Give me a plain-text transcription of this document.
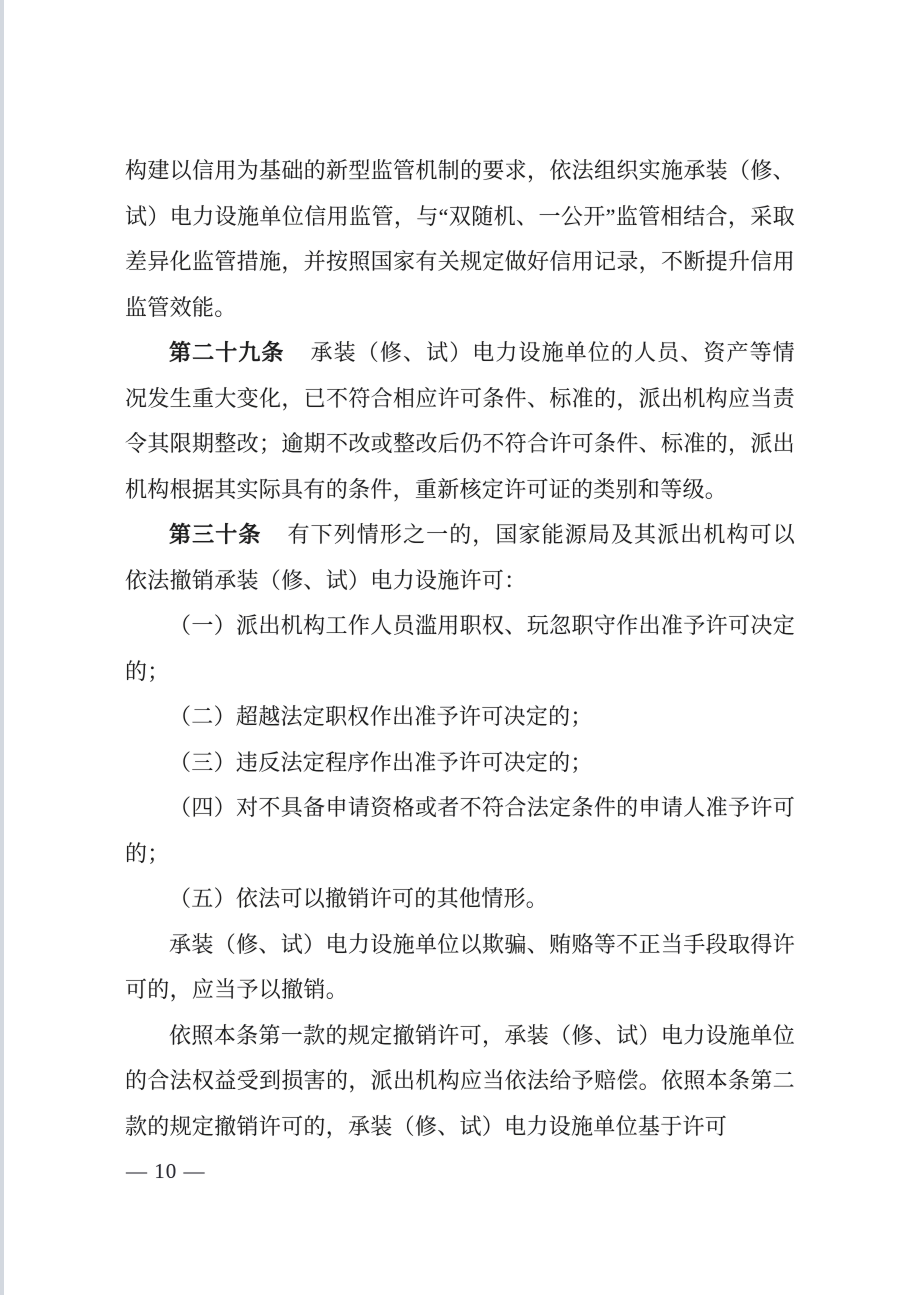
构建以信用为基础的新型监管机制的要求，依法组织实施承装（修、试）电力设施单位信用监管，与“双随机、一公开”监管相结合，采取差异化监管措施，并按照国家有关规定做好信用记录，不断提升信用监管效能。

第二十九条 承装（修、试）电力设施单位的人员、资产等情况发生重大变化，已不符合相应许可条件、标准的，派出机构应当责令其限期整改；逾期不改或整改后仍不符合许可条件、标准的，派出机构根据其实际具有的条件，重新核定许可证的类别和等级。

第三十条 有下列情形之一的，国家能源局及其派出机构可以依法撤销承装（修、试）电力设施许可：

（一）派出机构工作人员滥用职权、玩忽职守作出准予许可决定的；

（二）超越法定职权作出准予许可决定的；

（三）违反法定程序作出准予许可决定的；

（四）对不具备申请资格或者不符合法定条件的申请人准予许可的；

（五）依法可以撤销许可的其他情形。

承装（修、试）电力设施单位以欺骗、贿赂等不正当手段取得许可的，应当予以撤销。

依照本条第一款的规定撤销许可，承装（修、试）电力设施单位的合法权益受到损害的，派出机构应当依法给予赔偿。依照本条第二款的规定撤销许可的，承装（修、试）电力设施单位基于许可

— 10 —
